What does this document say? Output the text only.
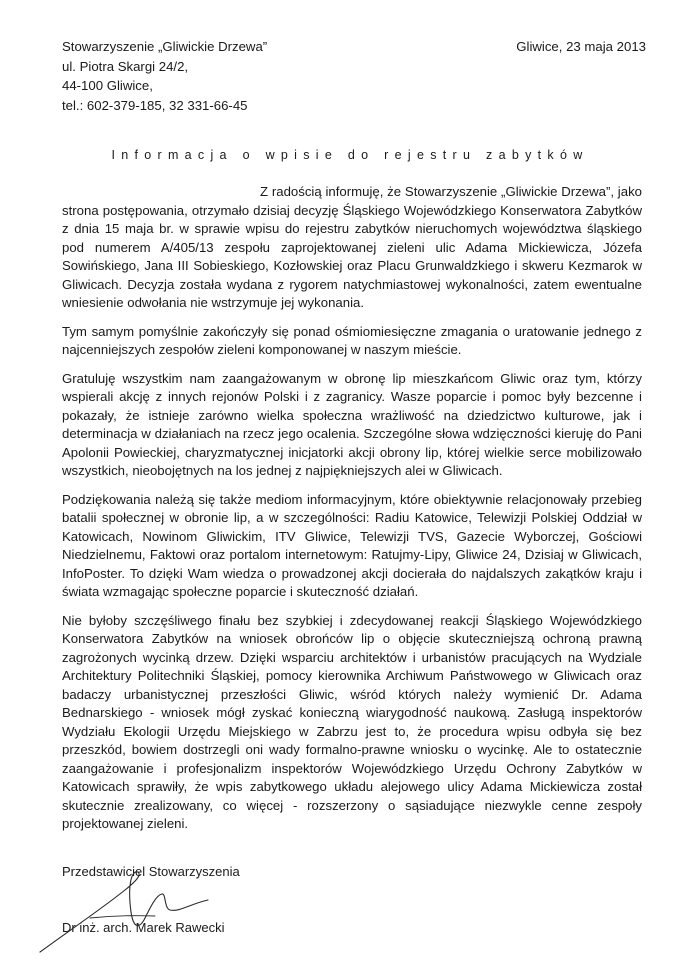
Stowarzyszenie „Gliwickie Drzewa”
ul. Piotra Skargi 24/2,
44-100 Gliwice,
tel.: 602-379-185, 32 331-66-45
Gliwice, 23 maja 2013
Informacja o wpisie do rejestru zabytków

Z radością informuję, że Stowarzyszenie „Gliwickie Drzewa”, jako strona postępowania, otrzymało dzisiaj decyzję Śląskiego Wojewódzkiego Konserwatora Zabytków z dnia 15 maja br. w sprawie wpisu do rejestru zabytków nieruchomych województwa śląskiego pod numerem A/405/13 zespołu zaprojektowanej zieleni ulic Adama Mickiewicza, Józefa Sowińskiego, Jana III Sobieskiego, Kozłowskiej oraz Placu Grunwaldzkiego i skweru Kezmarok w Gliwicach. Decyzja została wydana z rygorem natychmiastowej wykonalności, zatem ewentualne wniesienie odwołania nie wstrzymuje jej wykonania.

Tym samym pomyślnie zakończyły się ponad ośmiomiesięczne zmagania o uratowanie jednego z najcenniejszych zespołów zieleni komponowanej w naszym mieście.

Gratuluję wszystkim nam zaangażowanym w obronę lip mieszkańcom Gliwic oraz tym, którzy wspierali akcję z innych rejonów Polski i z zagranicy. Wasze poparcie i pomoc były bezcenne i pokazały, że istnieje zarówno wielka społeczna wrażliwość na dziedzictwo kulturowe, jak i determinacja w działaniach na rzecz jego ocalenia. Szczególne słowa wdzięczności kieruję do Pani Apolonii Powieckiej, charyzmatycznej inicjatorki akcji obrony lip, której wielkie serce mobilizowało wszystkich, nieobojętnych na los jednej z najpiękniejszych alei w Gliwicach.

Podziękowania należą się także mediom informacyjnym, które obiektywnie relacjonowały przebieg batalii społecznej w obronie lip, a w szczególności: Radiu Katowice, Telewizji Polskiej Oddział w Katowicach, Nowinom Gliwickim, ITV Gliwice, Telewizji TVS, Gazecie Wyborczej, Gościowi Niedzielnemu, Faktowi oraz portalom internetowym: Ratujmy-Lipy, Gliwice 24, Dzisiaj w Gliwicach, InfoPoster. To dzięki Wam wiedza o prowadzonej akcji docierała do najdalszych zakątków kraju i świata wzmagając społeczne poparcie i skuteczność działań.

Nie byłoby szczęśliwego finału bez szybkiej i zdecydowanej reakcji Śląskiego Wojewódzkiego Konserwatora Zabytków na wniosek obrońców lip o objęcie skuteczniejszą ochroną prawną zagrożonych wycinką drzew. Dzięki wsparciu architektów i urbanistów pracujących na Wydziale Architektury Politechniki Śląskiej, pomocy kierownika Archiwum Państwowego w Gliwicach oraz badaczy urbanistycznej przeszłości Gliwic, wśród których należy wymienić Dr. Adama Bednarskiego - wniosek mógł zyskać konieczną wiarygodność naukową. Zasługą inspektorów Wydziału Ekologii Urzędu Miejskiego w Zabrzu jest to, że procedura wpisu odbyła się bez przeszkód, bowiem dostrzegli oni wady formalno-prawne wniosku o wycinkę. Ale to ostatecznie zaangażowanie i profesjonalizm inspektorów Wojewódzkiego Urzędu Ochrony Zabytków w Katowicach sprawiły, że wpis zabytkowego układu alejowego ulicy Adama Mickiewicza został skutecznie zrealizowany, co więcej - rozszerzony o sąsiadujące niezwykle cenne zespoły projektowanej zieleni.

Przedstawiciel Stowarzyszenia
Dr inż. arch. Marek Rawecki
